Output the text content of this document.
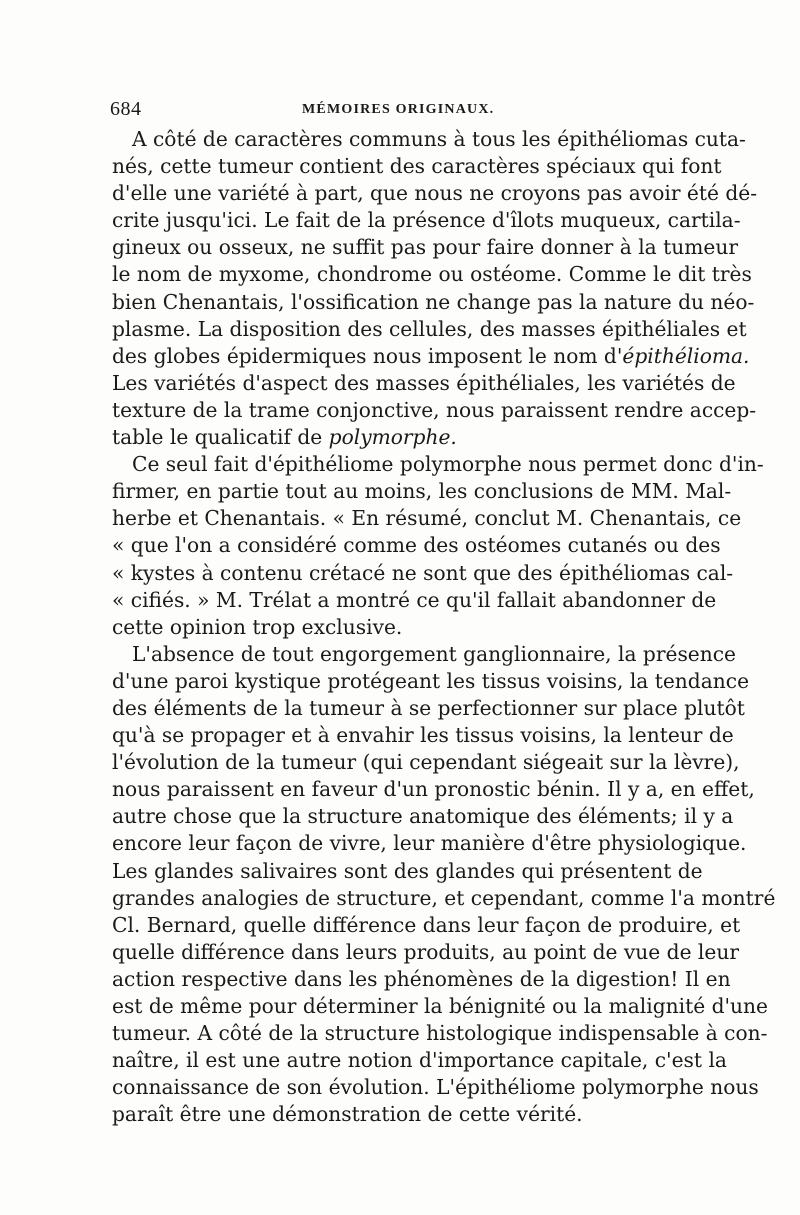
684	MÉMOIRES ORIGINAUX.
A côté de caractères communs à tous les épithéliomas cuta-
nés, cette tumeur contient des caractères spéciaux qui font
d'elle une variété à part, que nous ne croyons pas avoir été dé-
crite jusqu'ici. Le fait de la présence d'îlots muqueux, cartila-
gineux ou osseux, ne suffit pas pour faire donner à la tumeur
le nom de myxome, chondrome ou ostéome. Comme le dit très
bien Chenantais, l'ossification ne change pas la nature du néo-
plasme. La disposition des cellules, des masses épithéliales et
des globes épidermiques nous imposent le nom d'épithélioma.
Les variétés d'aspect des masses épithéliales, les variétés de
texture de la trame conjonctive, nous paraissent rendre accep-
table le qualicatif de polymorphe.
Ce seul fait d'épithéliome polymorphe nous permet donc d'in-
firmer, en partie tout au moins, les conclusions de MM. Mal-
herbe et Chenantais. « En résumé, conclut M. Chenantais, ce
« que l'on a considéré comme des ostéomes cutanés ou des
« kystes à contenu crétacé ne sont que des épithéliomas cal-
« cifiés. » M. Trélat a montré ce qu'il fallait abandonner de
cette opinion trop exclusive.
L'absence de tout engorgement ganglionnaire, la présence
d'une paroi kystique protégeant les tissus voisins, la tendance
des éléments de la tumeur à se perfectionner sur place plutôt
qu'à se propager et à envahir les tissus voisins, la lenteur de
l'évolution de la tumeur (qui cependant siégeait sur la lèvre),
nous paraissent en faveur d'un pronostic bénin. Il y a, en effet,
autre chose que la structure anatomique des éléments; il y a
encore leur façon de vivre, leur manière d'être physiologique.
Les glandes salivaires sont des glandes qui présentent de
grandes analogies de structure, et cependant, comme l'a montré
Cl. Bernard, quelle différence dans leur façon de produire, et
quelle différence dans leurs produits, au point de vue de leur
action respective dans les phénomènes de la digestion! Il en
est de même pour déterminer la bénignité ou la malignité d'une
tumeur. A côté de la structure histologique indispensable à con-
naître, il est une autre notion d'importance capitale, c'est la
connaissance de son évolution. L'épithéliome polymorphe nous
paraît être une démonstration de cette vérité.
